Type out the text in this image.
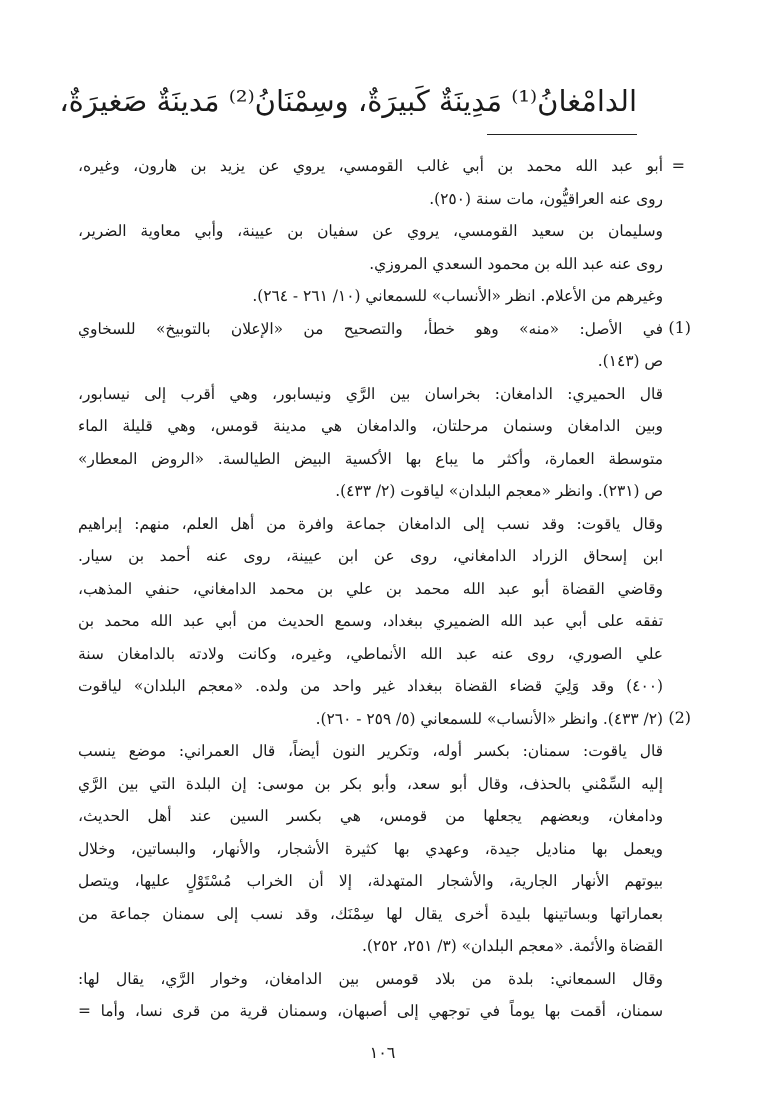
الدامْغانُ⁽¹⁾ مَدِينَةٌ كَبيرَةٌ، وسِمْنَانُ⁽²⁾ مَدينَةٌ صَغيرَةٌ،
=
(1)
(2)
أبو عبد الله محمد بن أبي غالب القومسي، يروي عن يزيد بن هارون، وغيره،
روى عنه العراقيُّون، مات سنة (٢٥٠).
وسليمان بن سعيد القومسي، يروي عن سفيان بن عيينة، وأبي معاوية الضرير،
روى عنه عبد الله بن محمود السعدي المروزي.
وغيرهم من الأعلام. انظر «الأنساب» للسمعاني (١٠/ ٢٦١ - ٢٦٤).
في الأصل: «منه» وهو خطأ، والتصحيح من «الإعلان بالتوبيخ» للسخاوي
ص (١٤٣).
قال الحميري: الدامغان: بخراسان بين الرَّي ونيسابور، وهي أقرب إلى نيسابور،
وبين الدامغان وسنمان مرحلتان، والدامغان هي مدينة قومس، وهي قليلة الماء
متوسطة العمارة، وأكثر ما يباع بها الأكسية البيض الطيالسة. «الروض المعطار»
ص (٢٣١). وانظر «معجم البلدان» لياقوت (٢/ ٤٣٣).
وقال ياقوت: وقد نسب إلى الدامغان جماعة وافرة من أهل العلم، منهم: إبراهيم
ابن إسحاق الزراد الدامغاني، روى عن ابن عيينة، روى عنه أحمد بن سيار.
وقاضي القضاة أبو عبد الله محمد بن علي بن محمد الدامغاني، حنفي المذهب،
تفقه على أبي عبد الله الضميري ببغداد، وسمع الحديث من أبي عبد الله محمد بن
علي الصوري، روى عنه عبد الله الأنماطي، وغيره، وكانت ولادته بالدامغان سنة
(٤٠٠) وقد وَلِيَ قضاء القضاة ببغداد غير واحد من ولده. «معجم البلدان» لياقوت
(٢/ ٤٣٣). وانظر «الأنساب» للسمعاني (٥/ ٢٥٩ - ٢٦٠).
قال ياقوت: سمنان: بكسر أوله، وتكرير النون أيضاً، قال العمراني: موضع ينسب
إليه السِّمْني بالحذف، وقال أبو سعد، وأبو بكر بن موسى: إن البلدة التي بين الرَّي
ودامغان، وبعضهم يجعلها من قومس، هي بكسر السين عند أهل الحديث،
ويعمل بها مناديل جيدة، وعهدي بها كثيرة الأشجار، والأنهار، والبساتين، وخلال
بيوتهم الأنهار الجارية، والأشجار المتهدلة، إلا أن الخراب مُسْتَوْلٍ عليها، ويتصل
بعماراتها وبساتينها بليدة أخرى يقال لها سِمْنَك، وقد نسب إلى سمنان جماعة من
القضاة والأئمة. «معجم البلدان» (٣/ ٢٥١، ٢٥٢).
وقال السمعاني: بلدة من بلاد قومس بين الدامغان، وخوار الرَّي، يقال لها:
سمنان، أقمت بها يوماً في توجهي إلى أصبهان، وسمنان قرية من قرى نسا، وأما =
١٠٦
